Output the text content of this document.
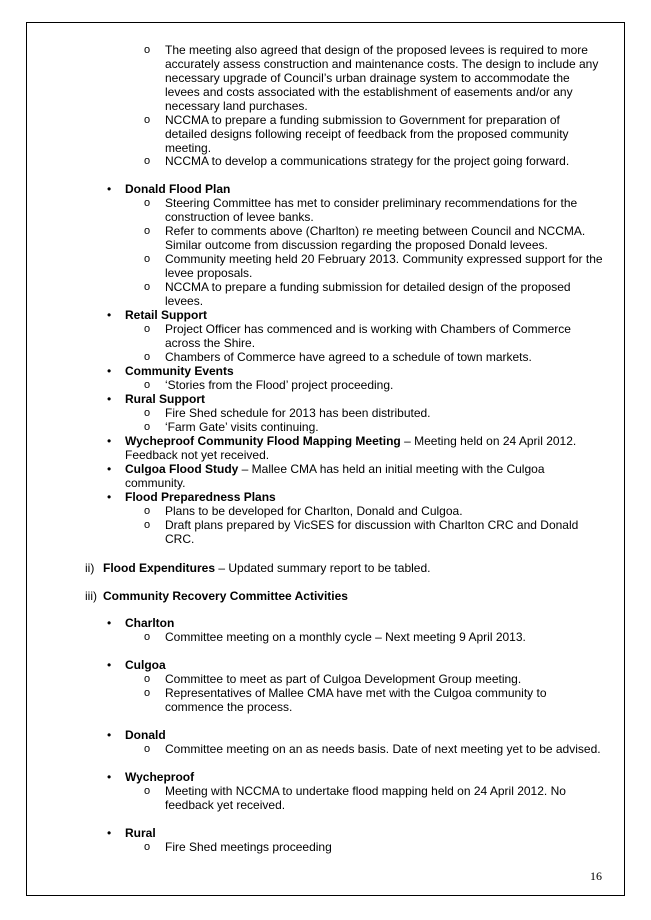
o The meeting also agreed that design of the proposed levees is required to more
accurately assess construction and maintenance costs. The design to include any
necessary upgrade of Council’s urban drainage system to accommodate the
levees and costs associated with the establishment of easements and/or any
necessary land purchases.
o NCCMA to prepare a funding submission to Government for preparation of
detailed designs following receipt of feedback from the proposed community
meeting.
o NCCMA to develop a communications strategy for the project going forward.
• Donald Flood Plan
o Steering Committee has met to consider preliminary recommendations for the
construction of levee banks.
o Refer to comments above (Charlton) re meeting between Council and NCCMA.
Similar outcome from discussion regarding the proposed Donald levees.
o Community meeting held 20 February 2013. Community expressed support for the
levee proposals.
o NCCMA to prepare a funding submission for detailed design of the proposed
levees.
• Retail Support
o Project Officer has commenced and is working with Chambers of Commerce
across the Shire.
o Chambers of Commerce have agreed to a schedule of town markets.
• Community Events
o ‘Stories from the Flood’ project proceeding.
• Rural Support
o Fire Shed schedule for 2013 has been distributed.
o ‘Farm Gate’ visits continuing.
• Wycheproof Community Flood Mapping Meeting – Meeting held on 24 April 2012.
Feedback not yet received.
• Culgoa Flood Study – Mallee CMA has held an initial meeting with the Culgoa
community.
• Flood Preparedness Plans
o Plans to be developed for Charlton, Donald and Culgoa.
o Draft plans prepared by VicSES for discussion with Charlton CRC and Donald
CRC.
ii) Flood Expenditures – Updated summary report to be tabled.
iii) Community Recovery Committee Activities
• Charlton
o Committee meeting on a monthly cycle – Next meeting 9 April 2013.
• Culgoa
o Committee to meet as part of Culgoa Development Group meeting.
o Representatives of Mallee CMA have met with the Culgoa community to
commence the process.
• Donald
o Committee meeting on an as needs basis. Date of next meeting yet to be advised.
• Wycheproof
o Meeting with NCCMA to undertake flood mapping held on 24 April 2012. No
feedback yet received.
• Rural
o Fire Shed meetings proceeding
16
